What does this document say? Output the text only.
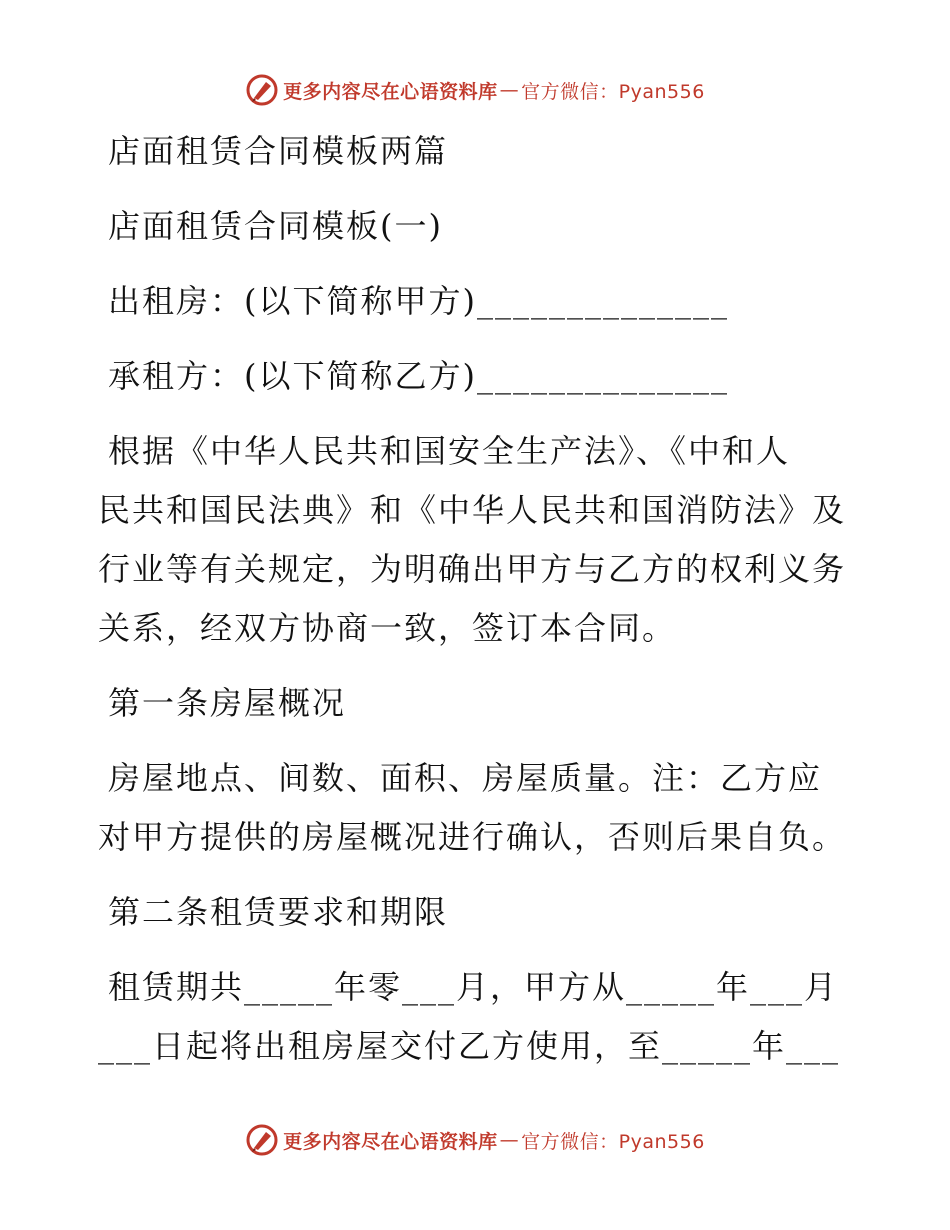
更多内容尽在心语资料库 — 官方微信：Pyan556
店面租赁合同模板两篇
店面租赁合同模板(一)
出租房：(以下简称甲方)______________
承租方：(以下简称乙方)______________
根据《中华人民共和国安全生产法》、《中和人
民共和国民法典》和《中华人民共和国消防法》及
行业等有关规定，为明确出甲方与乙方的权利义务
关系，经双方协商一致，签订本合同。
第一条房屋概况
房屋地点、间数、面积、房屋质量。注：乙方应
对甲方提供的房屋概况进行确认，否则后果自负。
第二条租赁要求和期限
租赁期共_____年零___月，甲方从_____年___月
___日起将出租房屋交付乙方使用，至_____年___
更多内容尽在心语资料库 — 官方微信：Pyan556
